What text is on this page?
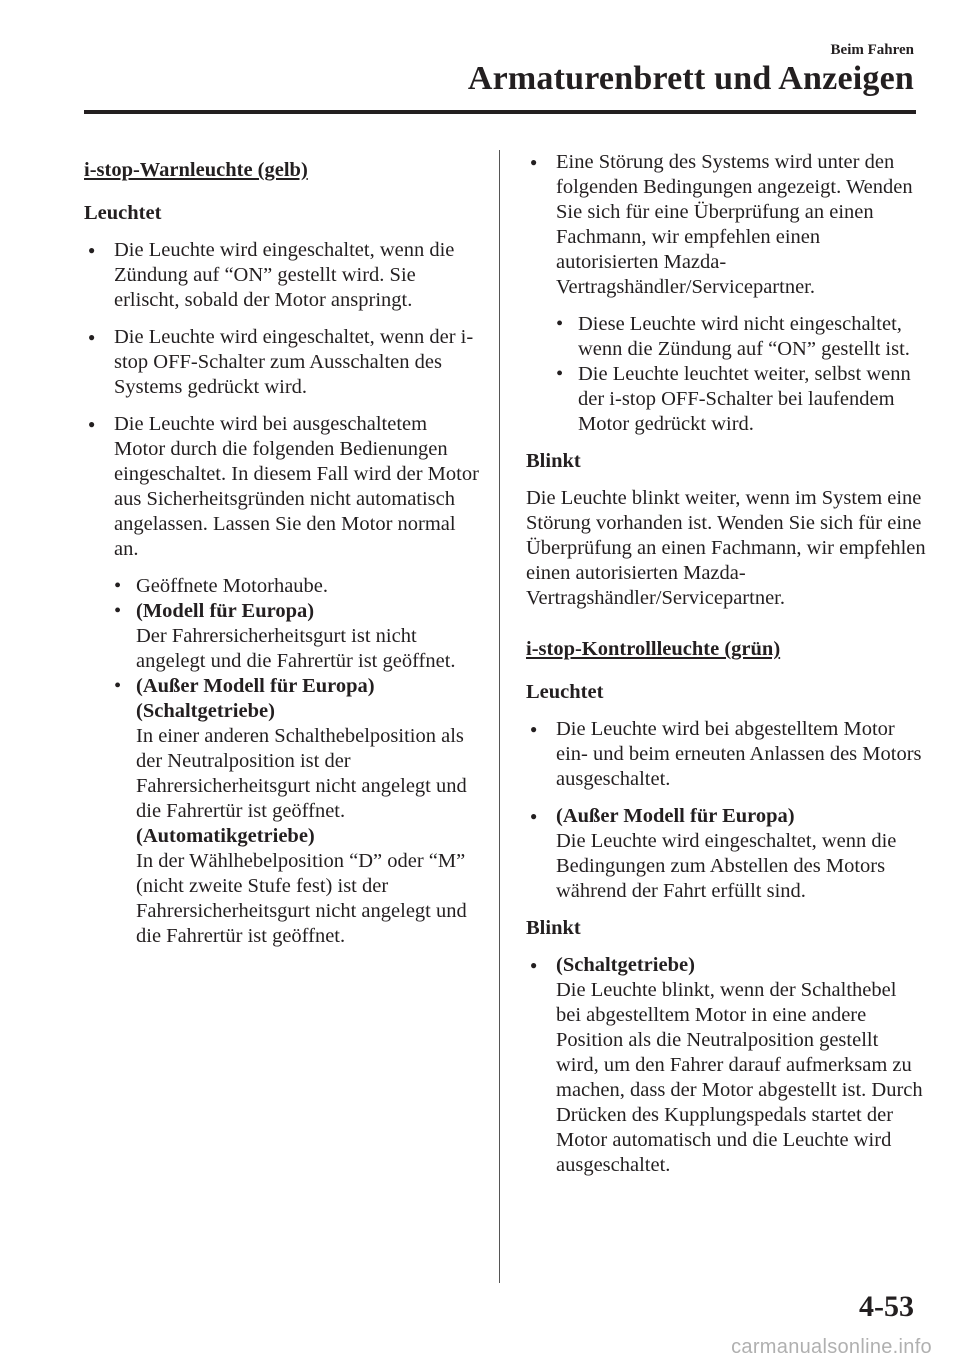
Beim Fahren
Armaturenbrett und Anzeigen
i-stop-Warnleuchte (gelb)
Leuchtet
● Die Leuchte wird eingeschaltet, wenn die Zündung auf “ON” gestellt wird. Sie erlischt, sobald der Motor anspringt.
● Die Leuchte wird eingeschaltet, wenn der i-stop OFF-Schalter zum Ausschalten des Systems gedrückt wird.
● Die Leuchte wird bei ausgeschaltetem Motor durch die folgenden Bedienungen eingeschaltet. In diesem Fall wird der Motor aus Sicherheitsgründen nicht automatisch angelassen. Lassen Sie den Motor normal an.
• Geöffnete Motorhaube.
• (Modell für Europa)
Der Fahrersicherheitsgurt ist nicht angelegt und die Fahrertür ist geöffnet.
• (Außer Modell für Europa)
(Schaltgetriebe)
In einer anderen Schalthebelposition als der Neutralposition ist der Fahrersicherheitsgurt nicht angelegt und die Fahrertür ist geöffnet.
(Automatikgetriebe)
In der Wählhebelposition “D” oder “M” (nicht zweite Stufe fest) ist der Fahrersicherheitsgurt nicht angelegt und die Fahrertür ist geöffnet.
● Eine Störung des Systems wird unter den folgenden Bedingungen angezeigt. Wenden Sie sich für eine Überprüfung an einen Fachmann, wir empfehlen einen autorisierten Mazda-Vertragshändler/Servicepartner.
• Diese Leuchte wird nicht eingeschaltet, wenn die Zündung auf “ON” gestellt ist.
• Die Leuchte leuchtet weiter, selbst wenn der i-stop OFF-Schalter bei laufendem Motor gedrückt wird.
Blinkt

Die Leuchte blinkt weiter, wenn im System eine Störung vorhanden ist. Wenden Sie sich für eine Überprüfung an einen Fachmann, wir empfehlen einen autorisierten Mazda-Vertragshändler/Servicepartner.

i-stop-Kontrollleuchte (grün)
Leuchtet
● Die Leuchte wird bei abgestelltem Motor ein- und beim erneuten Anlassen des Motors ausgeschaltet.
● (Außer Modell für Europa)
Die Leuchte wird eingeschaltet, wenn die Bedingungen zum Abstellen des Motors während der Fahrt erfüllt sind.
Blinkt
● (Schaltgetriebe)
Die Leuchte blinkt, wenn der Schalthebel bei abgestelltem Motor in eine andere Position als die Neutralposition gestellt wird, um den Fahrer darauf aufmerksam zu machen, dass der Motor abgestellt ist. Durch Drücken des Kupplungspedals startet der Motor automatisch und die Leuchte wird ausgeschaltet.
4-53
carmanualsonline.info
